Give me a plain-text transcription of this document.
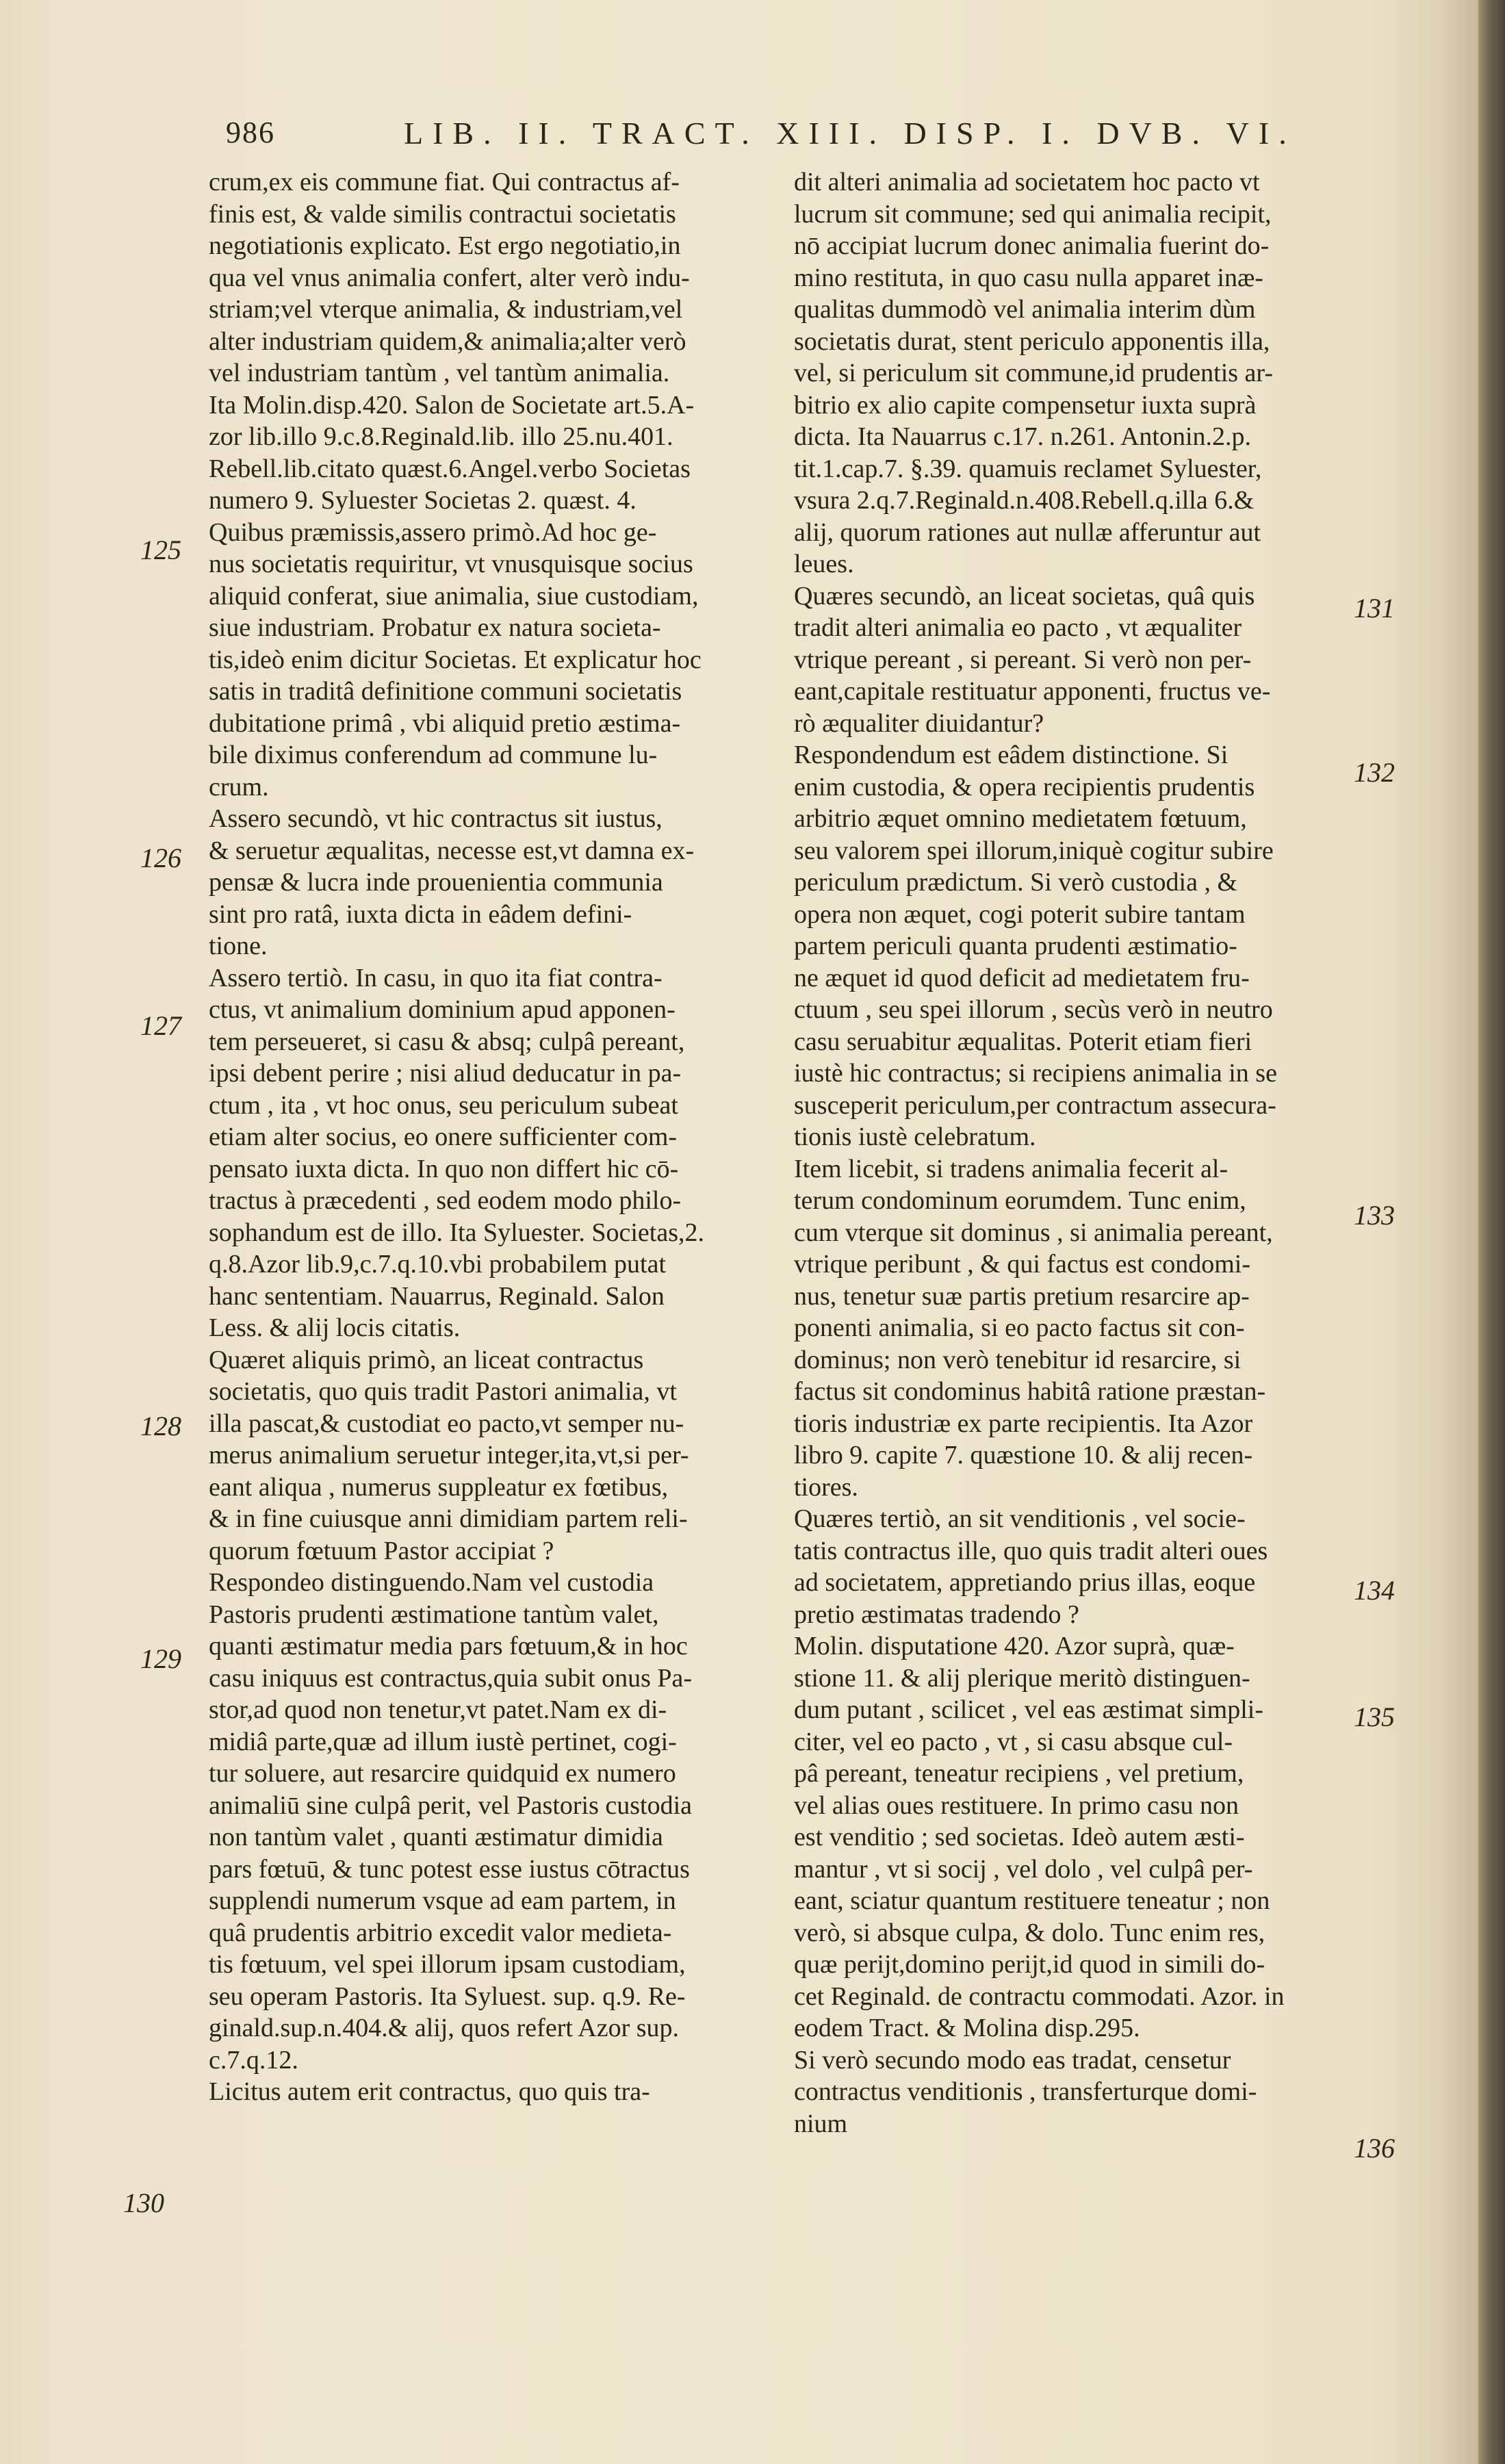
986	LIB. II. TRACT. XIII. DISP. I. DVB. VI.
crum,ex eis commune fiat. Qui contractus af-
finis est, & valde similis contractui societatis
negotiationis explicato. Est ergo negotiatio,in
qua vel vnus animalia confert, alter verò indu-
striam;vel vterque animalia, & industriam,vel
alter industriam quidem,& animalia;alter verò
vel industriam tantùm , vel tantùm animalia.
Ita Molin.disp.420. Salon de Societate art.5.A-
zor lib.illo 9.c.8.Reginald.lib. illo 25.nu.401.
Rebell.lib.citato quæst.6.Angel.verbo Societas
numero 9. Syluester Societas 2. quæst. 4.
Quibus præmissis,assero primò.Ad hoc ge-
nus societatis requiritur, vt vnusquisque socius
aliquid conferat, siue animalia, siue custodiam,
siue industriam. Probatur ex natura societa-
tis,ideò enim dicitur Societas. Et explicatur hoc
satis in traditâ definitione communi societatis
dubitatione primâ , vbi aliquid pretio æstima-
bile diximus conferendum ad commune lu-
crum.
Assero secundò, vt hic contractus sit iustus,
& seruetur æqualitas, necesse est,vt damna ex-
pensæ & lucra inde prouenientia communia
sint pro ratâ, iuxta dicta in eâdem defini-
tione.
Assero tertiò. In casu, in quo ita fiat contra-
ctus, vt animalium dominium apud apponen-
tem perseueret, si casu & absq; culpâ pereant,
ipsi debent perire ; nisi aliud deducatur in pa-
ctum , ita , vt hoc onus, seu periculum subeat
etiam alter socius, eo onere sufficienter com-
pensato iuxta dicta. In quo non differt hic cō-
tractus à præcedenti , sed eodem modo philo-
sophandum est de illo. Ita Syluester. Societas,2.
q.8.Azor lib.9,c.7.q.10.vbi probabilem putat
hanc sententiam. Nauarrus, Reginald. Salon
Less. & alij locis citatis.
Quæret aliquis primò, an liceat contractus
societatis, quo quis tradit Pastori animalia, vt
illa pascat,& custodiat eo pacto,vt semper nu-
merus animalium seruetur integer,ita,vt,si per-
eant aliqua , numerus suppleatur ex fœtibus,
& in fine cuiusque anni dimidiam partem reli-
quorum fœtuum Pastor accipiat ?
Respondeo distinguendo.Nam vel custodia
Pastoris prudenti æstimatione tantùm valet,
quanti æstimatur media pars fœtuum,& in hoc
casu iniquus est contractus,quia subit onus Pa-
stor,ad quod non tenetur,vt patet.Nam ex di-
midiâ parte,quæ ad illum iustè pertinet, cogi-
tur soluere, aut resarcire quidquid ex numero
animaliū sine culpâ perit, vel Pastoris custodia
non tantùm valet , quanti æstimatur dimidia
pars fœtuū, & tunc potest esse iustus cōtractus
supplendi numerum vsque ad eam partem, in
quâ prudentis arbitrio excedit valor medieta-
tis fœtuum, vel spei illorum ipsam custodiam,
seu operam Pastoris. Ita Syluest. sup. q.9. Re-
ginald.sup.n.404.& alij, quos refert Azor sup.
c.7.q.12.
Licitus autem erit contractus, quo quis tra-
dit alteri animalia ad societatem hoc pacto vt
lucrum sit commune; sed qui animalia recipit,
nō accipiat lucrum donec animalia fuerint do-
mino restituta, in quo casu nulla apparet inæ-
qualitas dummodò vel animalia interim dùm
societatis durat, stent periculo apponentis illa,
vel, si periculum sit commune,id prudentis ar-
bitrio ex alio capite compensetur iuxta suprà
dicta. Ita Nauarrus c.17. n.261. Antonin.2.p.
tit.1.cap.7. §.39. quamuis reclamet Syluester,
vsura 2.q.7.Reginald.n.408.Rebell.q.illa 6.&
alij, quorum rationes aut nullæ afferuntur aut
leues.
Quæres secundò, an liceat societas, quâ quis
tradit alteri animalia eo pacto , vt æqualiter
vtrique pereant , si pereant. Si verò non per-
eant,capitale restituatur apponenti, fructus ve-
rò æqualiter diuidantur?
Respondendum est eâdem distinctione. Si
enim custodia, & opera recipientis prudentis
arbitrio æquet omnino medietatem fœtuum,
seu valorem spei illorum,iniquè cogitur subire
periculum prædictum. Si verò custodia , &
opera non æquet, cogi poterit subire tantam
partem periculi quanta prudenti æstimatio-
ne æquet id quod deficit ad medietatem fru-
ctuum , seu spei illorum , secùs verò in neutro
casu seruabitur æqualitas. Poterit etiam fieri
iustè hic contractus; si recipiens animalia in se
susceperit periculum,per contractum assecura-
tionis iustè celebratum.
Item licebit, si tradens animalia fecerit al-
terum condominum eorumdem. Tunc enim,
cum vterque sit dominus , si animalia pereant,
vtrique peribunt , & qui factus est condomi-
nus, tenetur suæ partis pretium resarcire ap-
ponenti animalia, si eo pacto factus sit con-
dominus; non verò tenebitur id resarcire, si
factus sit condominus habitâ ratione præstan-
tioris industriæ ex parte recipientis. Ita Azor
libro 9. capite 7. quæstione 10. & alij recen-
tiores.
Quæres tertiò, an sit venditionis , vel socie-
tatis contractus ille, quo quis tradit alteri oues
ad societatem, appretiando prius illas, eoque
pretio æstimatas tradendo ?
Molin. disputatione 420. Azor suprà, quæ-
stione 11. & alij plerique meritò distinguen-
dum putant , scilicet , vel eas æstimat simpli-
citer, vel eo pacto , vt , si casu absque cul-
pâ pereant, teneatur recipiens , vel pretium,
vel alias oues restituere. In primo casu non
est venditio ; sed societas. Ideò autem æsti-
mantur , vt si socij , vel dolo , vel culpâ per-
eant, sciatur quantum restituere teneatur ; non
verò, si absque culpa, & dolo. Tunc enim res,
quæ perijt,domino perijt,id quod in simili do-
cet Reginald. de contractu commodati. Azor. in
eodem Tract. & Molina disp.295.
Si verò secundo modo eas tradat, censetur
contractus venditionis , transferturque domi-
nium
125
126
127
128
129
130
131
132
133
134
135
136
